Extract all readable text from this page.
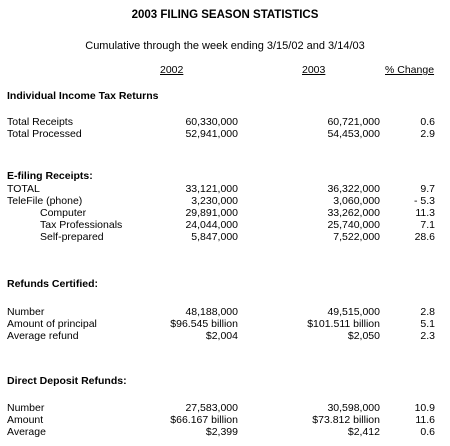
2003 FILING SEASON STATISTICS
Cumulative through the week ending 3/15/02 and 3/14/03
2002	2003	% Change
Individual Income Tax Returns
Total Receipts	60,330,000	60,721,000	0.6
Total Processed	52,941,000	54,453,000	2.9
E-filing Receipts:
TOTAL	33,121,000	36,322,000	9.7
TeleFile (phone)	3,230,000	3,060,000	- 5.3
Computer	29,891,000	33,262,000	11.3
Tax Professionals	24,044,000	25,740,000	7.1
Self-prepared	5,847,000	7,522,000	28.6
Refunds Certified:
Number	48,188,000	49,515,000	2.8
Amount of principal	$96.545 billion	$101.511 billion	5.1
Average refund	$2,004	$2,050	2.3
Direct Deposit Refunds:
Number	27,583,000	30,598,000	10.9
Amount	$66.167 billion	$73.812 billion	11.6
Average	$2,399	$2,412	0.6
